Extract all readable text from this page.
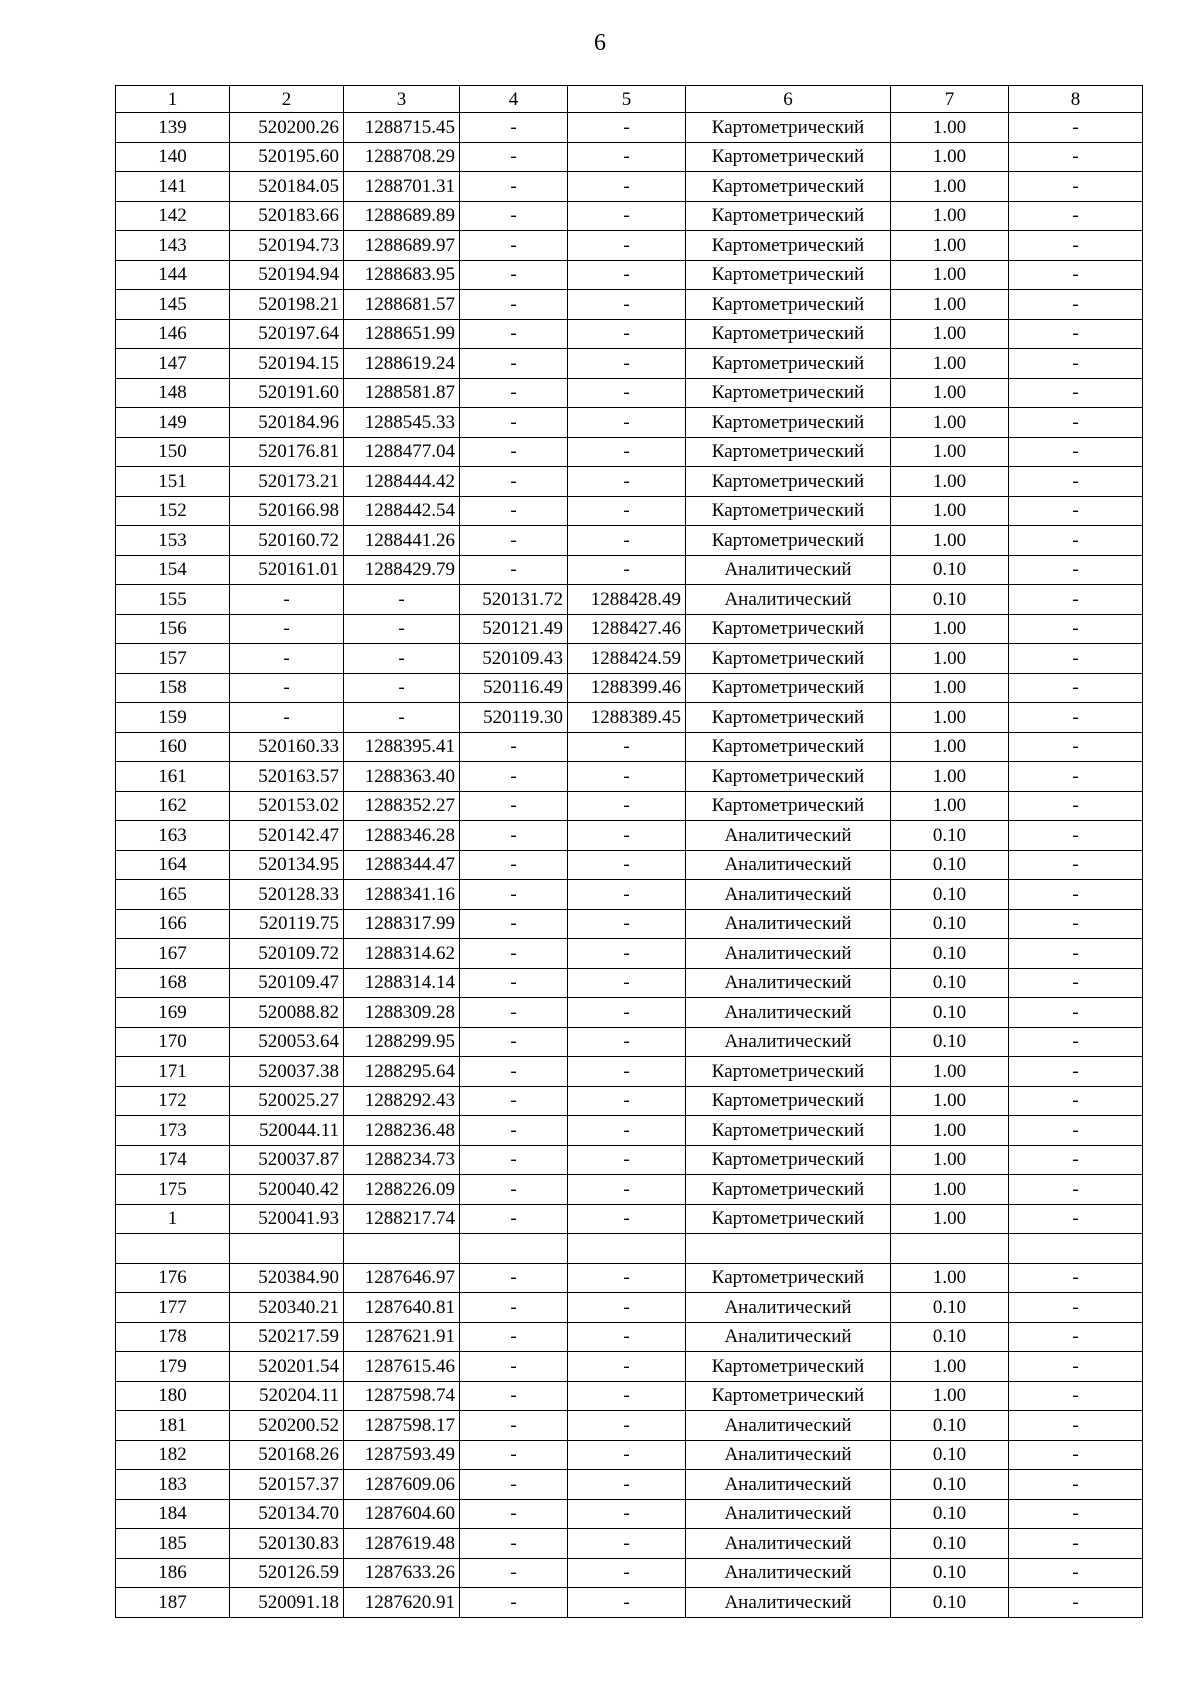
6
1	2	3	4	5	6	7	8
139	520200.26	1288715.45	-	-	Картометрический	1.00	-
140	520195.60	1288708.29	-	-	Картометрический	1.00	-
141	520184.05	1288701.31	-	-	Картометрический	1.00	-
142	520183.66	1288689.89	-	-	Картометрический	1.00	-
143	520194.73	1288689.97	-	-	Картометрический	1.00	-
144	520194.94	1288683.95	-	-	Картометрический	1.00	-
145	520198.21	1288681.57	-	-	Картометрический	1.00	-
146	520197.64	1288651.99	-	-	Картометрический	1.00	-
147	520194.15	1288619.24	-	-	Картометрический	1.00	-
148	520191.60	1288581.87	-	-	Картометрический	1.00	-
149	520184.96	1288545.33	-	-	Картометрический	1.00	-
150	520176.81	1288477.04	-	-	Картометрический	1.00	-
151	520173.21	1288444.42	-	-	Картометрический	1.00	-
152	520166.98	1288442.54	-	-	Картометрический	1.00	-
153	520160.72	1288441.26	-	-	Картометрический	1.00	-
154	520161.01	1288429.79	-	-	Аналитический	0.10	-
155	-	-	520131.72	1288428.49	Аналитический	0.10	-
156	-	-	520121.49	1288427.46	Картометрический	1.00	-
157	-	-	520109.43	1288424.59	Картометрический	1.00	-
158	-	-	520116.49	1288399.46	Картометрический	1.00	-
159	-	-	520119.30	1288389.45	Картометрический	1.00	-
160	520160.33	1288395.41	-	-	Картометрический	1.00	-
161	520163.57	1288363.40	-	-	Картометрический	1.00	-
162	520153.02	1288352.27	-	-	Картометрический	1.00	-
163	520142.47	1288346.28	-	-	Аналитический	0.10	-
164	520134.95	1288344.47	-	-	Аналитический	0.10	-
165	520128.33	1288341.16	-	-	Аналитический	0.10	-
166	520119.75	1288317.99	-	-	Аналитический	0.10	-
167	520109.72	1288314.62	-	-	Аналитический	0.10	-
168	520109.47	1288314.14	-	-	Аналитический	0.10	-
169	520088.82	1288309.28	-	-	Аналитический	0.10	-
170	520053.64	1288299.95	-	-	Аналитический	0.10	-
171	520037.38	1288295.64	-	-	Картометрический	1.00	-
172	520025.27	1288292.43	-	-	Картометрический	1.00	-
173	520044.11	1288236.48	-	-	Картометрический	1.00	-
174	520037.87	1288234.73	-	-	Картометрический	1.00	-
175	520040.42	1288226.09	-	-	Картометрический	1.00	-
1	520041.93	1288217.74	-	-	Картометрический	1.00	-

176	520384.90	1287646.97	-	-	Картометрический	1.00	-
177	520340.21	1287640.81	-	-	Аналитический	0.10	-
178	520217.59	1287621.91	-	-	Аналитический	0.10	-
179	520201.54	1287615.46	-	-	Картометрический	1.00	-
180	520204.11	1287598.74	-	-	Картометрический	1.00	-
181	520200.52	1287598.17	-	-	Аналитический	0.10	-
182	520168.26	1287593.49	-	-	Аналитический	0.10	-
183	520157.37	1287609.06	-	-	Аналитический	0.10	-
184	520134.70	1287604.60	-	-	Аналитический	0.10	-
185	520130.83	1287619.48	-	-	Аналитический	0.10	-
186	520126.59	1287633.26	-	-	Аналитический	0.10	-
187	520091.18	1287620.91	-	-	Аналитический	0.10	-
